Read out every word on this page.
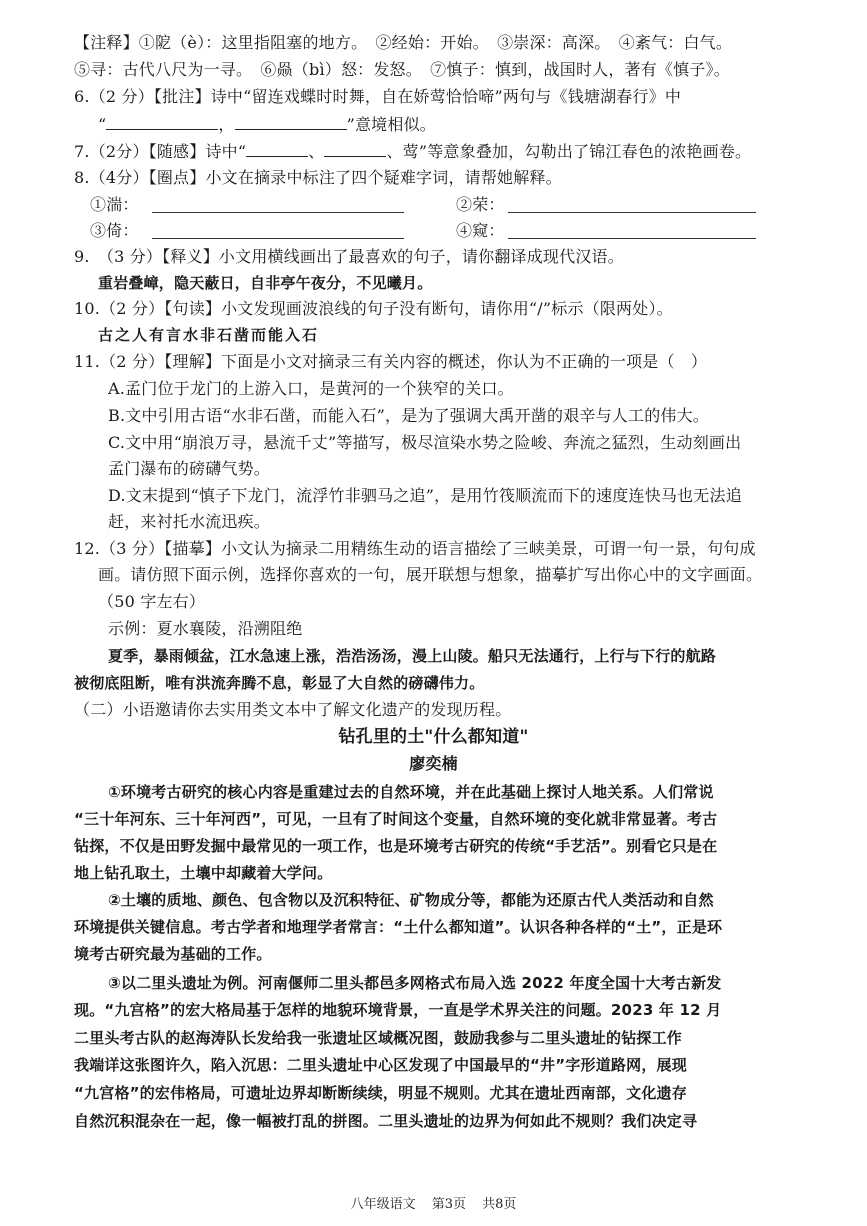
【注释】①阸（è）：这里指阻塞的地方。　②经始：开始。　③崇深：高深。　④紊气：白气。
⑤寻：古代八尺为一寻。　⑥赑（bì）怒：发怒。　⑦慎子：慎到，战国时人，著有《慎子》。
6.（2 分）【批注】诗中“留连戏蝶时时舞，自在娇莺恰恰啼”两句与《钱塘湖春行》中
“	，	”意境相似。
7.（2分）【随感】诗中“	、	、莺”等意象叠加，勾勒出了锦江春色的浓艳画卷。
8.（4分）【圈点】小文在摘录中标注了四个疑难字词，请帮她解释。
①湍：	②荣：
③倚：	④窥：
9.　（3 分）【释义】小文用横线画出了最喜欢的句子，请你翻译成现代汉语。
重岩叠嶂，隐天蔽日，自非亭午夜分，不见曦月。
10.（2 分）【句读】小文发现画波浪线的句子没有断句，请你用“/”标示（限两处）。
古之人有言水非石凿而能入石
11.（2 分）【理解】下面是小文对摘录三有关内容的概述，你认为不正确的一项是（　）
A.孟门位于龙门的上游入口，是黄河的一个狭窄的关口。
B.文中引用古语“水非石凿，而能入石”，是为了强调大禹开凿的艰辛与人工的伟大。
C.文中用“崩浪万寻，悬流千丈”等描写，极尽渲染水势之险峻、奔流之猛烈，生动刻画出
孟门瀑布的磅礴气势。
D.文末提到“慎子下龙门，流浮竹非驷马之追”，是用竹筏顺流而下的速度连快马也无法追
赶，来衬托水流迅疾。
12.（3 分）【描摹】小文认为摘录二用精练生动的语言描绘了三峡美景，可谓一句一景，句句成
画。请仿照下面示例，选择你喜欢的一句，展开联想与想象，描摹扩写出你心中的文字画面。
（50 字左右）
示例：夏水襄陵，沿溯阻绝
夏季，暴雨倾盆，江水急速上涨，浩浩汤汤，漫上山陵。船只无法通行，上行与下行的航路
被彻底阻断，唯有洪流奔腾不息，彰显了大自然的磅礴伟力。
（二）小语邀请你去实用类文本中了解文化遗产的发现历程。
钻孔里的土"什么都知道"
廖奕楠
①环境考古研究的核心内容是重建过去的自然环境，并在此基础上探讨人地关系。人们常说
“三十年河东、三十年河西”，可见，一旦有了时间这个变量，自然环境的变化就非常显著。考古
钻探，不仅是田野发掘中最常见的一项工作，也是环境考古研究的传统“手艺活”。别看它只是在
地上钻孔取土，土壤中却藏着大学问。
②土壤的质地、颜色、包含物以及沉积特征、矿物成分等，都能为还原古代人类活动和自然
环境提供关键信息。考古学者和地理学者常言：“土什么都知道”。认识各种各样的“土”，正是环
境考古研究最为基础的工作。
③以二里头遗址为例。河南偃师二里头都邑多网格式布局入选 2022 年度全国十大考古新发
现。“九宫格”的宏大格局基于怎样的地貌环境背景，一直是学术界关注的问题。2023 年 12 月
二里头考古队的赵海涛队长发给我一张遗址区域概况图，鼓励我参与二里头遗址的钻探工作
我端详这张图许久，陷入沉思：二里头遗址中心区发现了中国最早的“井”字形道路网，展现
“九宫格”的宏伟格局，可遗址边界却断断续续，明显不规则。尤其在遗址西南部，文化遗存
自然沉积混杂在一起，像一幅被打乱的拼图。二里头遗址的边界为何如此不规则？我们决定寻
八年级语文 第3页 共8页
